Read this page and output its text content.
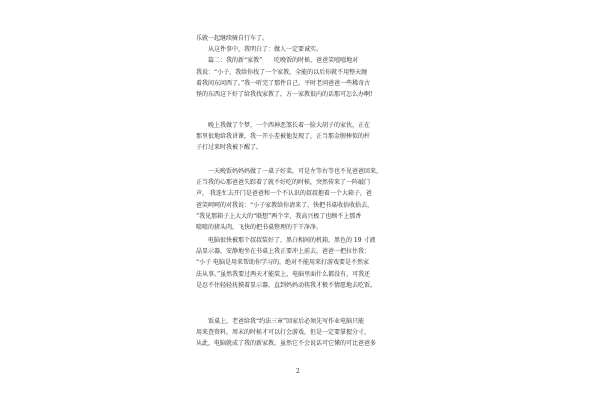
乐就一起继续骑自行车了。
从这件事中，我明白了：做人一定要诚实。
篇二：我的新“家教”　　吃晚饭的时候，爸爸笑嘻嘻地对
我说：“小子，我给你找了一个家教，全能的以后你就不用整天缠
着我问东问西了。”我一听完了那件自己，平时老问爸爸一些稀奇古
怪的东西这下好了给我找家教了，方一家教很内的话那可怎么办啊!
晚上我做了个梦，一个西神恶煞长着一脸大胡子的家伙，正在
那里很地给我讲课，我一开小差被他发现了，正当那金腥棒似的杆
子打过来时我被下醒了。
一天晚饭妈妈妈做了一桌子好菜，可是左等右等也不见爸爸回来，
正当我的心那爸爸失踪着了就不好吃的时候，突然传来了一阵敲门
声， 我连忙去开门是爸爸和一个不认识的叔叔抱着一个大箱子，爸
爸笑呵呵的对我说：“小子家教给你请来了，快把书桌收拾收拾去，
”我见那箱子上大大的“联想”两个字，我高兴极了也顾不上那香
喷喷的猪头肉，飞快的把书桌整理的干干净净。
电脑很快被那个叔叔装好了，黑白相间的机箱，黑色的 19 寸液
晶显示器，安静地坐在书桌上我正要冲上前去，爸爸一把拉住我：
“小子 电脑是用来帮助你学习的，绝对不能用来打游戏要是不然家
法从事。”虽然我要过两天才能装上，电脑里面什么都没有，可我还
是忍不住轻轻抚摸着显示器，直到妈妈动筷我才极不情愿地去吃饭。
饭桌上，老爸给我“约法三章”回家后必须先写作业电脑只能
用来查资料，周末的时候才可以打会游戏，但是一定要掌握分寸，
从此，电脑就成了我的新家教，虽然它不会说话可它懂的可比爸爸多
2
